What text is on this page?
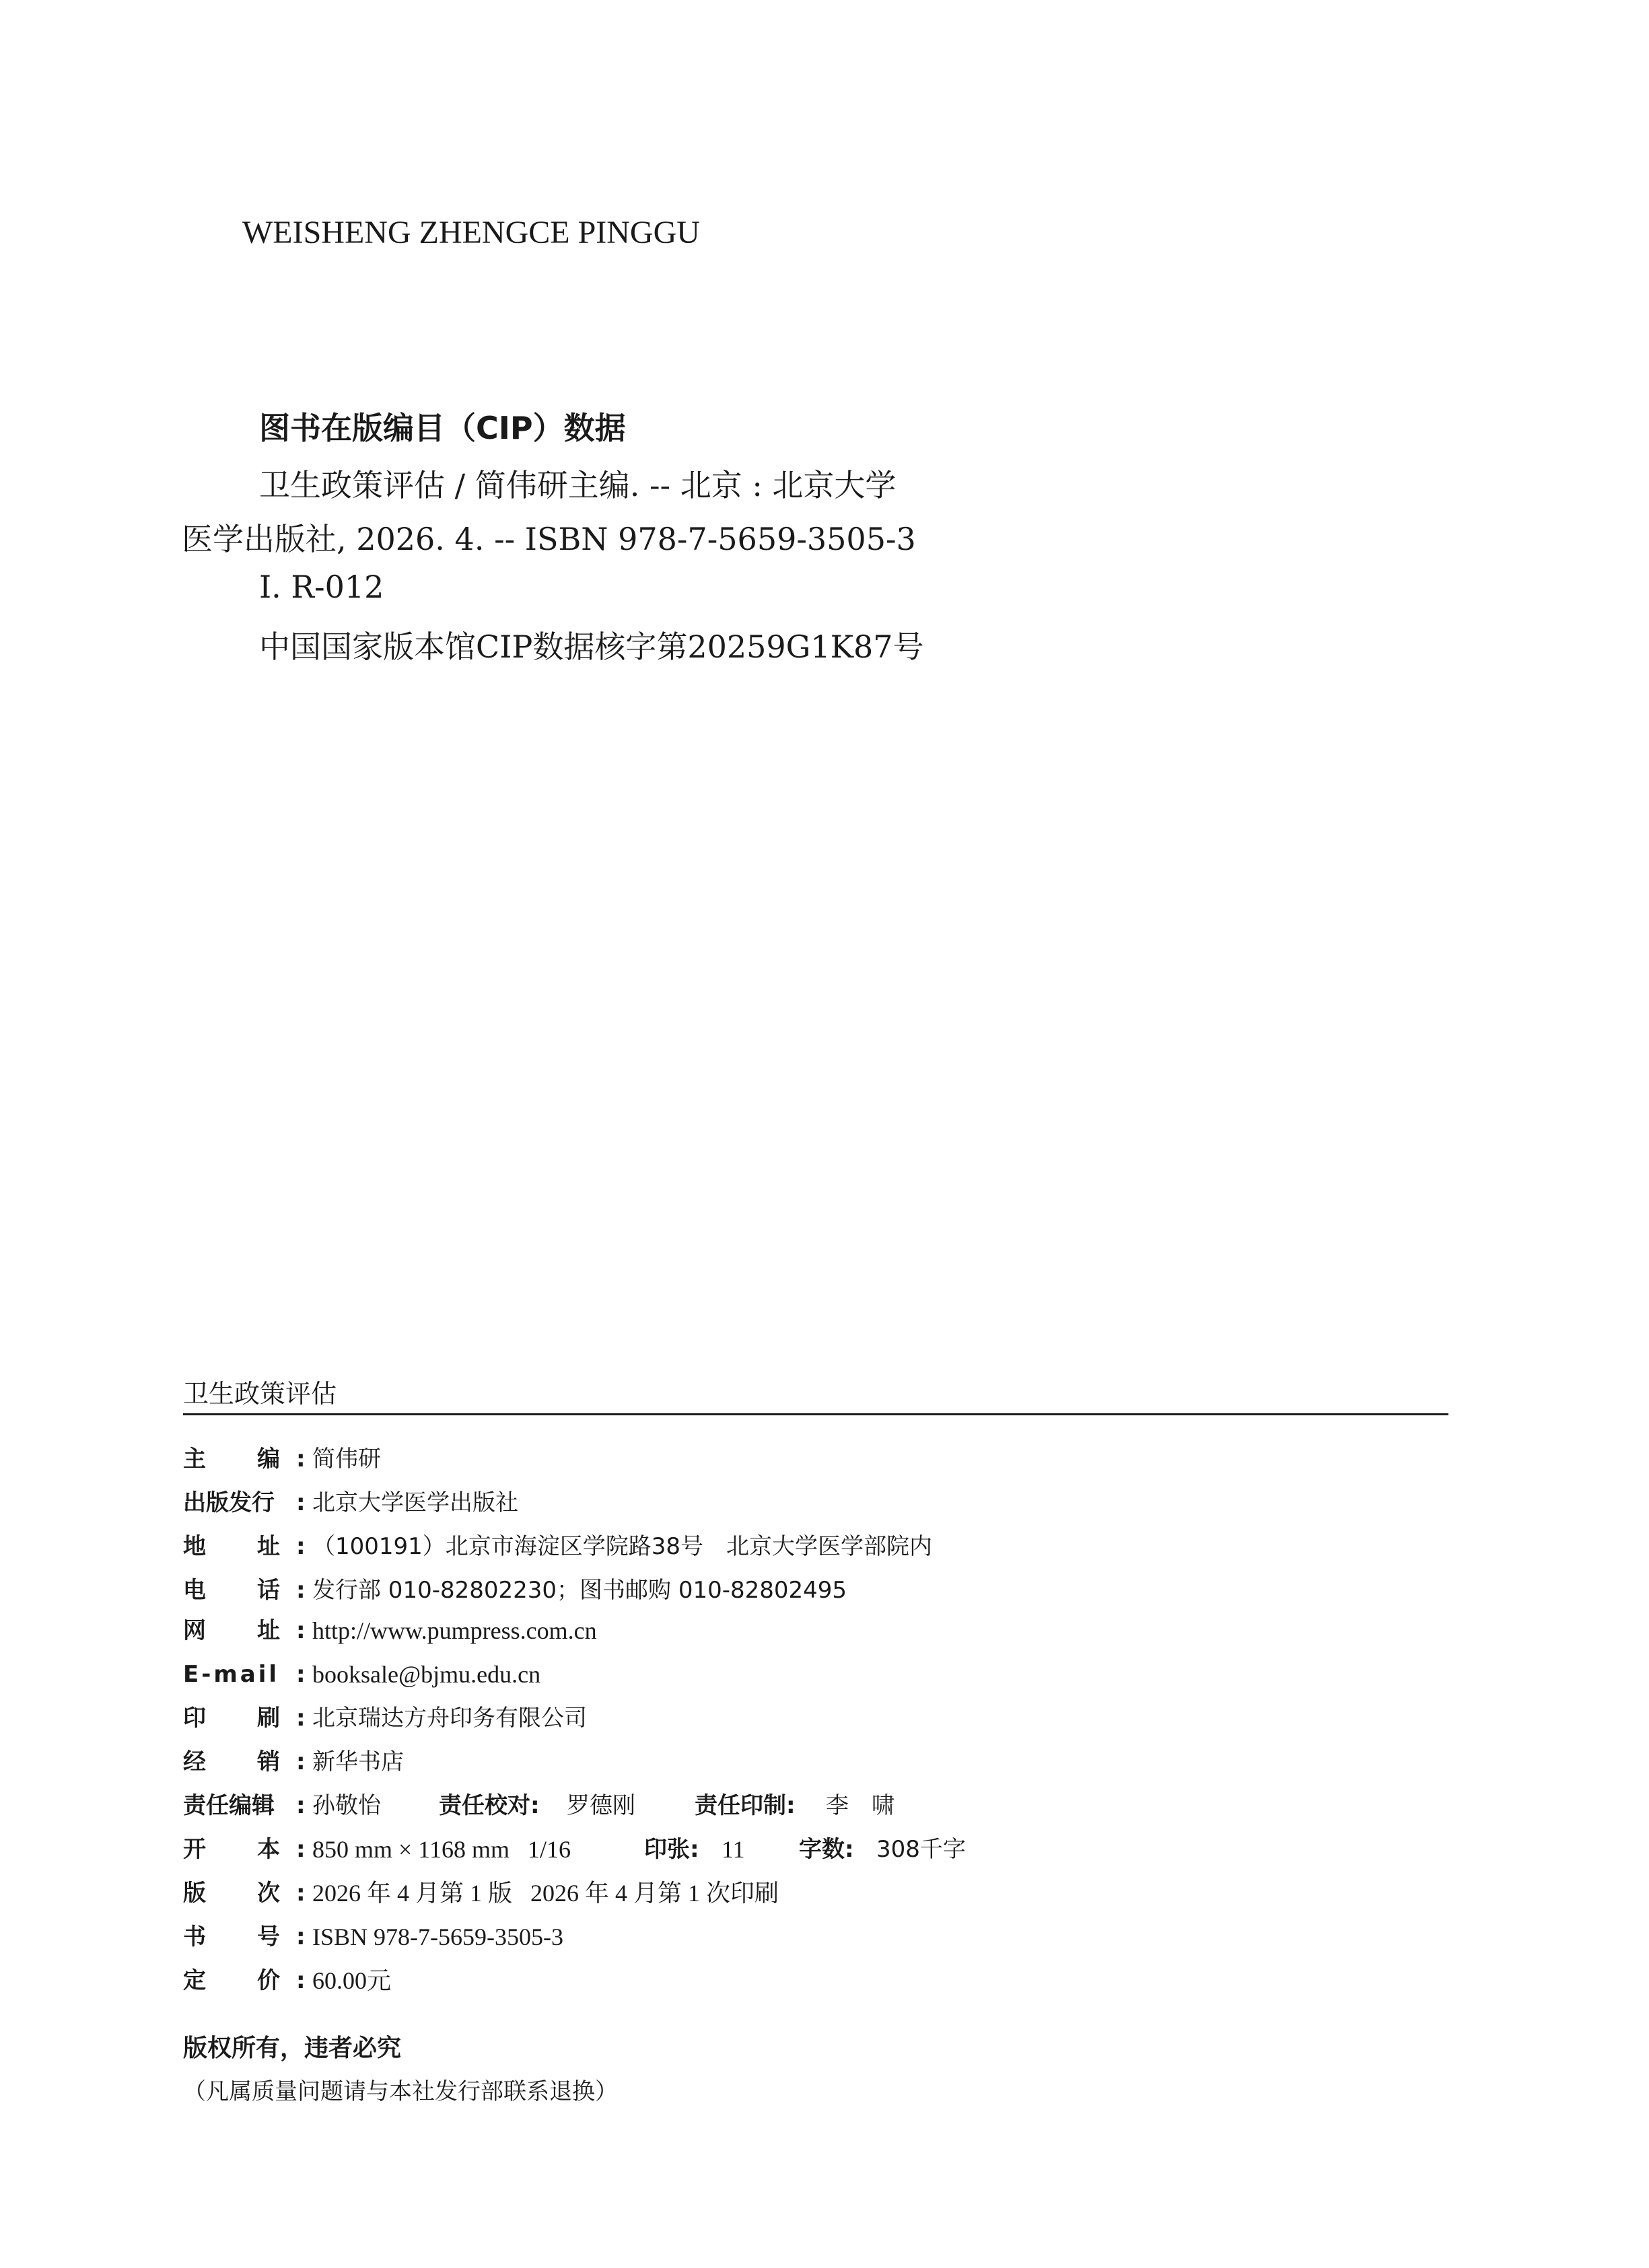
WEISHENG ZHENGCE PINGGU
图书在版编目（CIP）数据
卫生政策评估 / 简伟研主编. -- 北京 : 北京大学
医学出版社, 2026. 4. -- ISBN 978-7-5659-3505-3
Ⅰ. R-012
中国国家版本馆CIP数据核字第20259G1K87号
卫生政策评估
主 编 : 简伟研
出版发行 : 北京大学医学出版社
地 址 : （100191）北京市海淀区学院路38号　北京大学医学部院内
电 话 : 发行部 010-82802230；图书邮购 010-82802495
网 址 : http://www.pumpress.com.cn
E-mail : booksale@bjmu.edu.cn
印 刷 : 北京瑞达方舟印务有限公司
经 销 : 新华书店
责任编辑 : 孙敬怡	责任校对: 罗德刚	责任印制: 李　啸
开 本 : 850 mm × 1168 mm   1/16	印张: 11 字数: 308千字
版 次 : 2026 年 4 月第 1 版   2026 年 4 月第 1 次印刷
书 号 : ISBN 978-7-5659-3505-3
定 价 : 60.00元
版权所有，违者必究
（凡属质量问题请与本社发行部联系退换）
